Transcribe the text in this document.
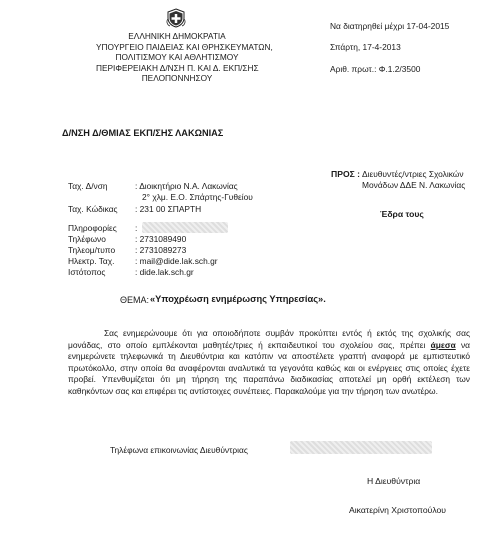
Να διατηρηθεί μέχρι 17-04-2015
Σπάρτη, 17-4-2013
Αριθ. πρωτ.: Φ.1.2/3500
ΕΛΛΗΝΙΚΗ ΔΗΜΟΚΡΑΤΙΑ
ΥΠΟΥΡΓΕΙΟ ΠΑΙΔΕΙΑΣ ΚΑΙ ΘΡΗΣΚΕΥΜΑΤΩΝ,
ΠΟΛΙΤΙΣΜΟΥ ΚΑΙ ΑΘΛΗΤΙΣΜΟΥ
ΠΕΡΙΦΕΡΕΙΑΚΗ Δ/ΝΣΗ Π. ΚΑΙ Δ. ΕΚΠ/ΣΗΣ
ΠΕΛΟΠΟΝΝΗΣΟΥ
Δ/ΝΣΗ Δ/ΘΜΙΑΣ ΕΚΠ/ΣΗΣ ΛΑΚΩΝΙΑΣ
Ταχ. Δ/νση	: Διοικητήριο Ν.Α. Λακωνίας
2° χλμ. Ε.Ο. Σπάρτης-Γυθείου
Ταχ. Κώδικας : 231 00 ΣΠΑΡΤΗ
ΠΡΟΣ : Διευθυντές/ντριες Σχολικών
Μονάδων ΔΔΕ Ν. Λακωνίας
Έδρα τους
Πληροφορίες :
Τηλέφωνο	: 2731089490
Τηλεομ/τυπο : 2731089273
Ηλεκτρ. Ταχ. : mail@dide.lak.sch.gr
Ιστότοπος	: dide.lak.sch.gr
ΘΕΜΑ: «Υποχρέωση ενημέρωσης Υπηρεσίας».

Σας ενημερώνουμε ότι για οποιοδήποτε συμβάν προκύπτει εντός ή εκτός της σχολικής σας μονάδας, στο οποίο εμπλέκονται μαθητές/τριες ή εκπαιδευτικοί του σχολείου σας, πρέπει άμεσα να ενημερώνετε τηλεφωνικά τη Διευθύντρια και κατόπιν να αποστέλετε γραπτή αναφορά με εμπιστευτικό πρωτόκολλο, στην οποία θα αναφέρονται αναλυτικά τα γεγονότα καθώς και οι ενέργειες στις οποίες έχετε προβεί. Υπενθυμίζεται ότι μη τήρηση της παραπάνω διαδικασίας αποτελεί μη ορθή εκτέλεση των καθηκόντων σας και επιφέρει τις αντίστοιχες συνέπειες. Παρακαλούμε για την τήρηση των ανωτέρω.

Τηλέφωνα επικοινωνίας Διευθύντριας
Η Διευθύντρια
Αικατερίνη Χριστοπούλου
